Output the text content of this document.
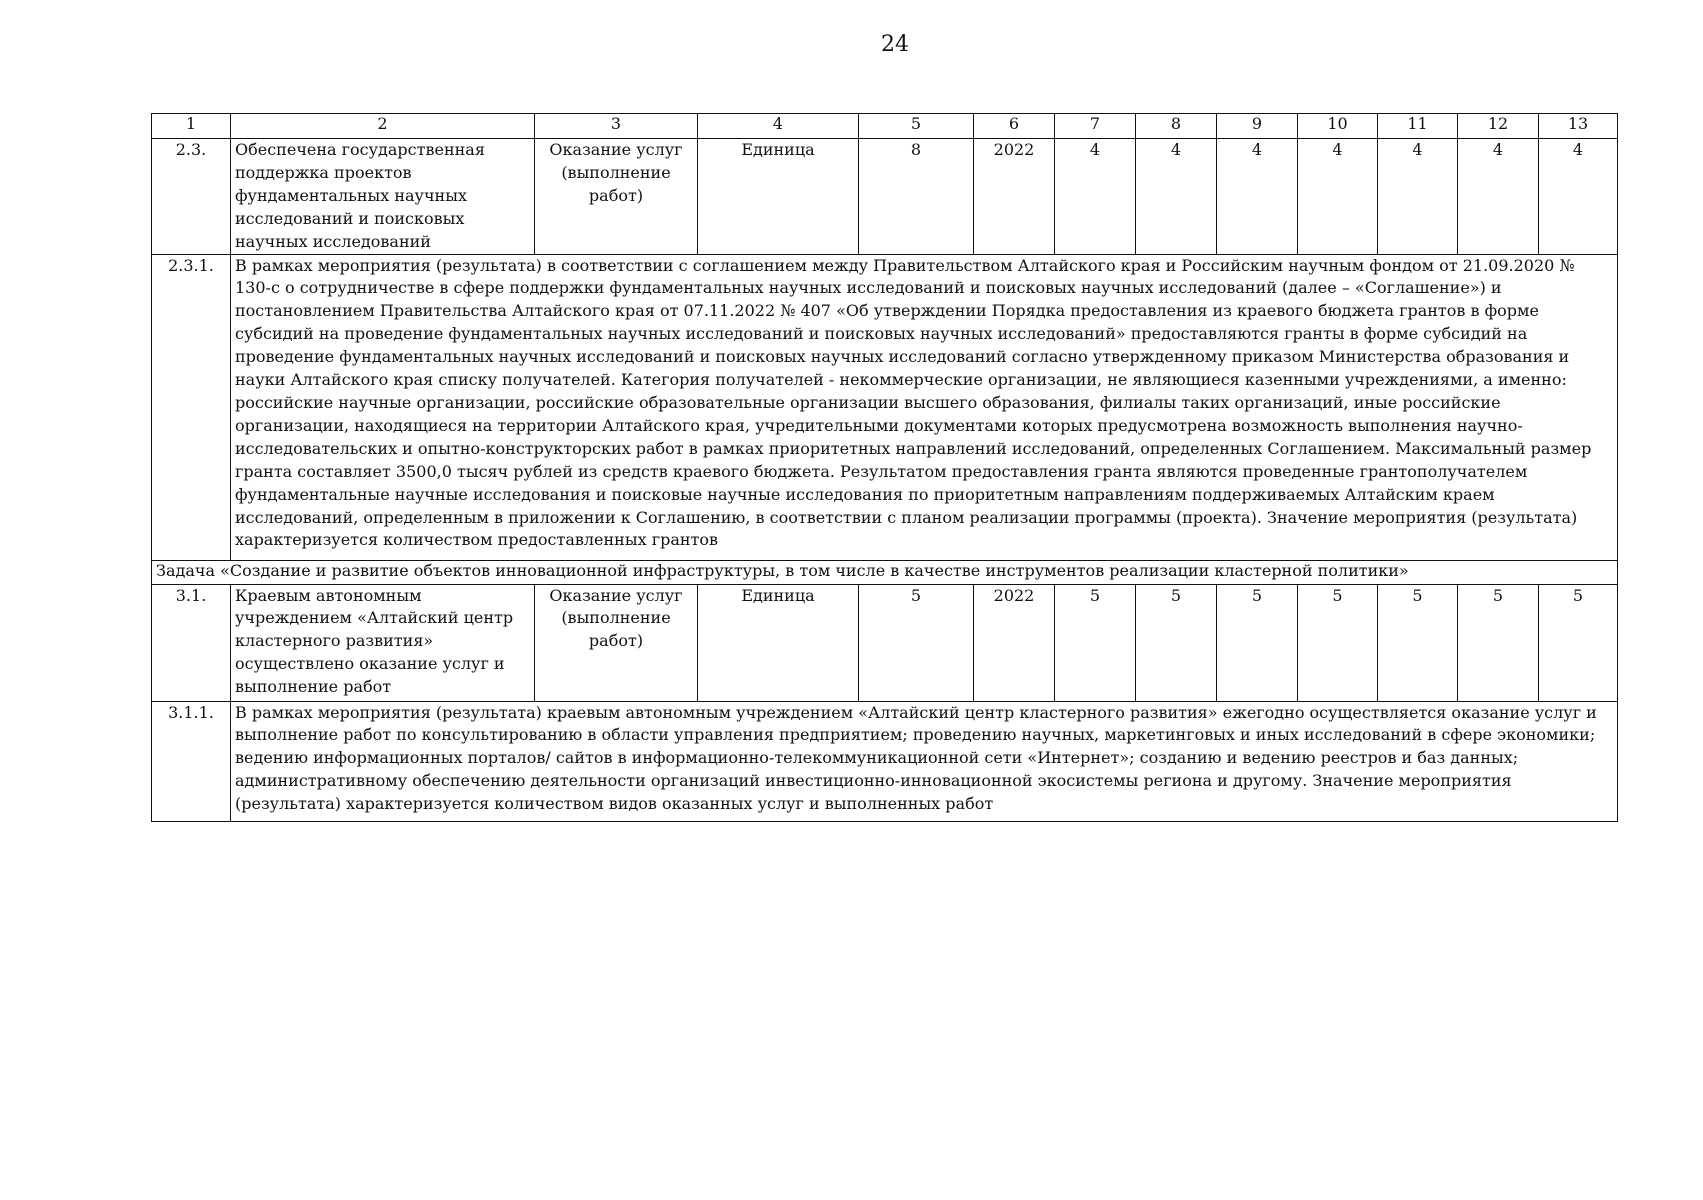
24
1	2	3	4	5	6	7	8	9	10	11	12	13
2.3.	Обеспечена государственная поддержка проектов фундаментальных научных исследований и поисковых научных исследований	Оказание услуг (выполнение работ)	Единица	8	2022	4	4	4	4	4	4	4
2.3.1.	В рамках мероприятия (результата) в соответствии с соглашением между Правительством Алтайского края и Российским научным фондом от 21.09.2020 № 130-с о сотрудничестве в сфере поддержки фундаментальных научных исследований и поисковых научных исследований (далее – «Соглашение») и постановлением Правительства Алтайского края от 07.11.2022 № 407 «Об утверждении Порядка предоставления из краевого бюджета грантов в форме субсидий на проведение фундаментальных научных исследований и поисковых научных исследований» предоставляются гранты в форме субсидий на проведение фундаментальных научных исследований и поисковых научных исследований согласно утвержденному приказом Министерства образования и науки Алтайского края списку получателей. Категория получателей - некоммерческие организации, не являющиеся казенными учреждениями, а именно: российские научные организации, российские образовательные организации высшего образования, филиалы таких организаций, иные российские организации, находящиеся на территории Алтайского края, учредительными документами которых предусмотрена возможность выполнения научно-исследовательских и опытно-конструкторских работ в рамках приоритетных направлений исследований, определенных Соглашением. Максимальный размер гранта составляет 3500,0 тысяч рублей из средств краевого бюджета. Результатом предоставления гранта являются проведенные грантополучателем фундаментальные научные исследования и поисковые научные исследования по приоритетным направлениям поддерживаемых Алтайским краем исследований, определенным в приложении к Соглашению, в соответствии с планом реализации программы (проекта). Значение мероприятия (результата) характеризуется количеством предоставленных грантов											
Задача «Создание и развитие объектов инновационной инфраструктуры, в том числе в качестве инструментов реализации кластерной политики»												
3.1.	Краевым автономным учреждением «Алтайский центр кластерного развития» осуществлено оказание услуг и выполнение работ	Оказание услуг (выполнение работ)	Единица	5	2022	5	5	5	5	5	5	5
3.1.1.	В рамках мероприятия (результата) краевым автономным учреждением «Алтайский центр кластерного развития» ежегодно осуществляется оказание услуг и выполнение работ по консультированию в области управления предприятием; проведению научных, маркетинговых и иных исследований в сфере экономики; ведению информационных порталов/ сайтов в информационно-телекоммуникационной сети «Интернет»; созданию и ведению реестров и баз данных; административному обеспечению деятельности организаций инвестиционно-инновационной экосистемы региона и другому. Значение мероприятия (результата) характеризуется количеством видов оказанных услуг и выполненных работ											
